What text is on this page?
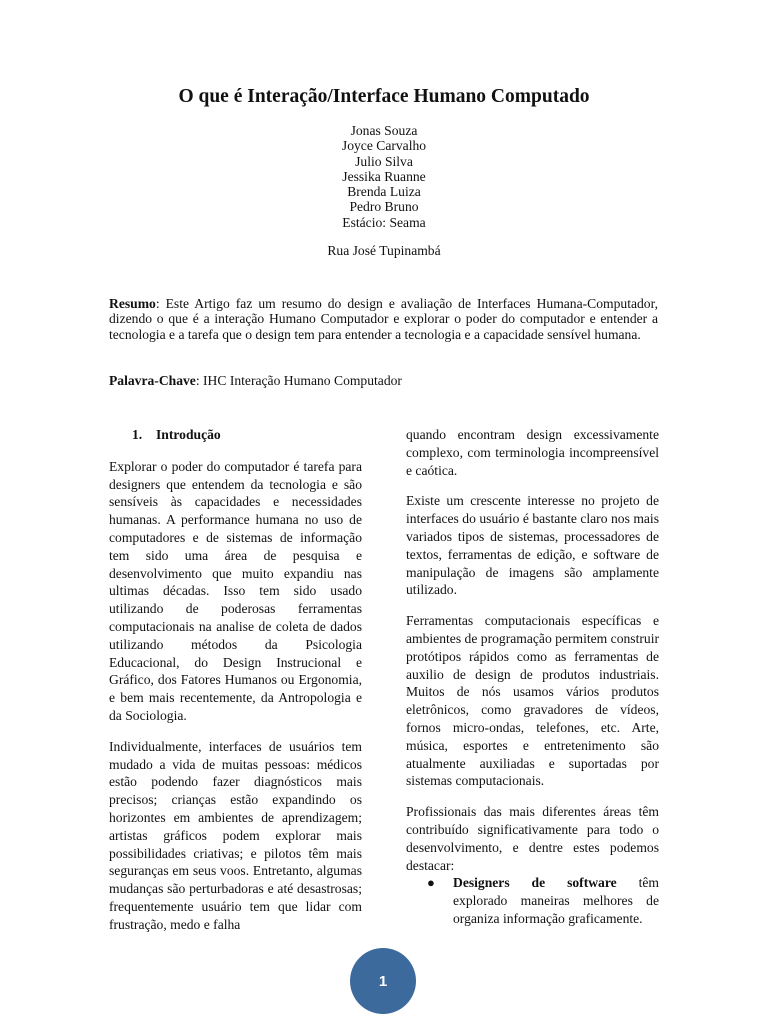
O que é Interação/Interface Humano Computado
Jonas Souza
Joyce Carvalho
Julio Silva
Jessika Ruanne
Brenda Luiza
Pedro Bruno
Estácio: Seama
Rua José Tupinambá

Resumo: Este Artigo faz um resumo do design e avaliação de Interfaces Humana-Computador, dizendo o que é a interação Humano Computador e explorar o poder do computador e entender a tecnologia e a tarefa que o design tem para entender a tecnologia e a capacidade sensível humana.

Palavra-Chave: IHC Interação Humano Computador

1. Introdução

Explorar o poder do computador é tarefa para designers que entendem da tecnologia e são sensíveis às capacidades e necessidades humanas. A performance humana no uso de computadores e de sistemas de informação tem sido uma área de pesquisa e desenvolvimento que muito expandiu nas ultimas décadas. Isso tem sido usado utilizando de poderosas ferramentas computacionais na analise de coleta de dados utilizando métodos da Psicologia Educacional, do Design Instrucional e Gráfico, dos Fatores Humanos ou Ergonomia, e bem mais recentemente, da Antropologia e da Sociologia.

Individualmente, interfaces de usuários tem mudado a vida de muitas pessoas: médicos estão podendo fazer diagnósticos mais precisos; crianças estão expandindo os horizontes em ambientes de aprendizagem; artistas gráficos podem explorar mais possibilidades criativas; e pilotos têm mais seguranças em seus voos. Entretanto, algumas mudanças são perturbadoras e até desastrosas; frequentemente usuário tem que lidar com frustração, medo e falha

quando encontram design excessivamente complexo, com terminologia incompreensível e caótica.

Existe um crescente interesse no projeto de interfaces do usuário é bastante claro nos mais variados tipos de sistemas, processadores de textos, ferramentas de edição, e software de manipulação de imagens são amplamente utilizado.

Ferramentas computacionais específicas e ambientes de programação permitem construir protótipos rápidos como as ferramentas de auxilio de design de produtos industriais. Muitos de nós usamos vários produtos eletrônicos, como gravadores de vídeos, fornos micro-ondas, telefones, etc. Arte, música, esportes e entretenimento são atualmente auxiliadas e suportadas por sistemas computacionais.

Profissionais das mais diferentes áreas têm contribuído significativamente para todo o desenvolvimento, e dentre estes podemos destacar:

● Designers de software têm explorado maneiras melhores de organiza informação graficamente.
1
